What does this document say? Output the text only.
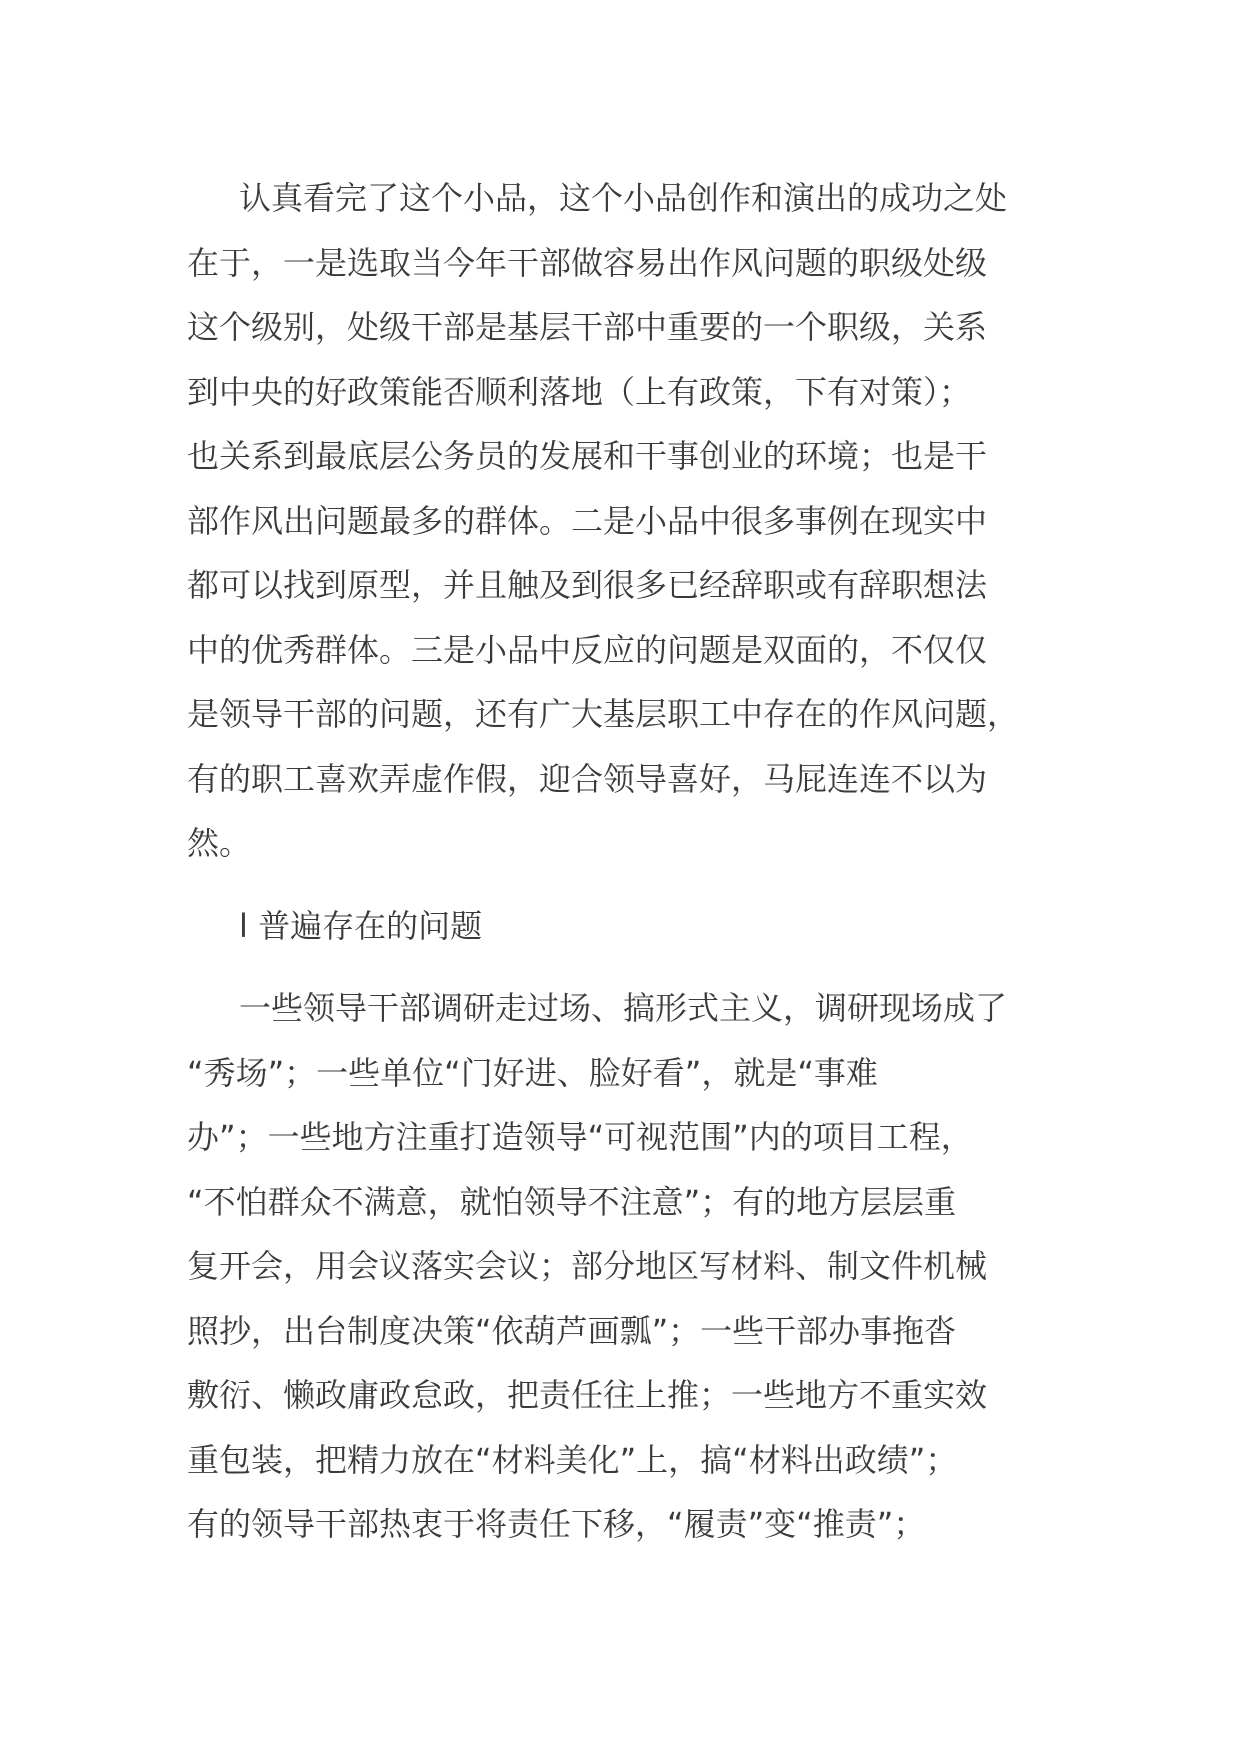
认真看完了这个小品，这个小品创作和演出的成功之处
在于，一是选取当今年干部做容易出作风问题的职级处级
这个级别，处级干部是基层干部中重要的一个职级，关系
到中央的好政策能否顺利落地（上有政策，下有对策）；
也关系到最底层公务员的发展和干事创业的环境；也是干
部作风出问题最多的群体。二是小品中很多事例在现实中
都可以找到原型，并且触及到很多已经辞职或有辞职想法
中的优秀群体。三是小品中反应的问题是双面的，不仅仅
是领导干部的问题，还有广大基层职工中存在的作风问题，
有的职工喜欢弄虚作假，迎合领导喜好，马屁连连不以为
然。
l 普遍存在的问题
一些领导干部调研走过场、搞形式主义，调研现场成了
“秀场”；一些单位“门好进、脸好看”，就是“事难
办”；一些地方注重打造领导“可视范围”内的项目工程，
“不怕群众不满意，就怕领导不注意”；有的地方层层重
复开会，用会议落实会议；部分地区写材料、制文件机械
照抄，出台制度决策“依葫芦画瓢”；一些干部办事拖沓
敷衍、懒政庸政怠政，把责任往上推；一些地方不重实效
重包装，把精力放在“材料美化”上，搞“材料出政绩”；
有的领导干部热衷于将责任下移，“履责”变“推责”；
